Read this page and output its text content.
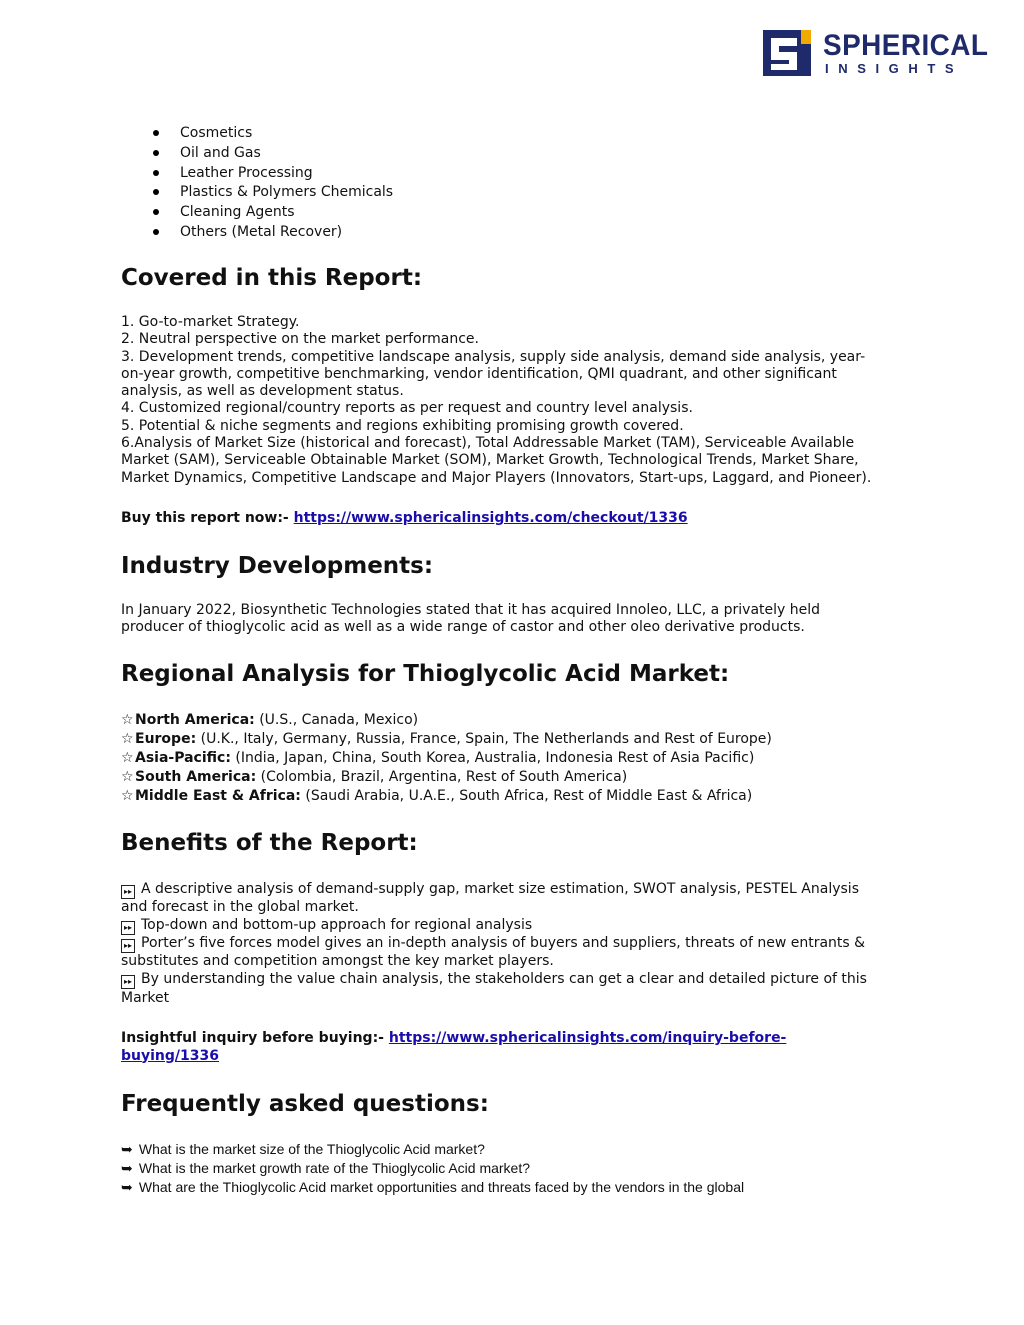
SPHERICAL
INSIGHTS
Cosmetics
Oil and Gas
Leather Processing
Plastics & Polymers Chemicals
Cleaning Agents
Others (Metal Recover)
Covered in this Report:
1. Go-to-market Strategy.
2. Neutral perspective on the market performance.
3. Development trends, competitive landscape analysis, supply side analysis, demand side analysis, year-
on-year growth, competitive benchmarking, vendor identification, QMI quadrant, and other significant
analysis, as well as development status.
4. Customized regional/country reports as per request and country level analysis.
5. Potential & niche segments and regions exhibiting promising growth covered.
6.Analysis of Market Size (historical and forecast), Total Addressable Market (TAM), Serviceable Available
Market (SAM), Serviceable Obtainable Market (SOM), Market Growth, Technological Trends, Market Share,
Market Dynamics, Competitive Landscape and Major Players (Innovators, Start-ups, Laggard, and Pioneer).
Buy this report now:- https://www.sphericalinsights.com/checkout/1336
Industry Developments:
In January 2022, Biosynthetic Technologies stated that it has acquired Innoleo, LLC, a privately held
producer of thioglycolic acid as well as a wide range of castor and other oleo derivative products.
Regional Analysis for Thioglycolic Acid Market:
☆North America: (U.S., Canada, Mexico)
☆Europe: (U.K., Italy, Germany, Russia, France, Spain, The Netherlands and Rest of Europe)
☆Asia-Pacific: (India, Japan, China, South Korea, Australia, Indonesia Rest of Asia Pacific)
☆South America: (Colombia, Brazil, Argentina, Rest of South America)
☆Middle East & Africa: (Saudi Arabia, U.A.E., South Africa, Rest of Middle East & Africa)
Benefits of the Report:
▸▸ A descriptive analysis of demand-supply gap, market size estimation, SWOT analysis, PESTEL Analysis
and forecast in the global market.
▸▸ Top-down and bottom-up approach for regional analysis
▸▸ Porter’s five forces model gives an in-depth analysis of buyers and suppliers, threats of new entrants &
substitutes and competition amongst the key market players.
▸▸ By understanding the value chain analysis, the stakeholders can get a clear and detailed picture of this
Market
Insightful inquiry before buying:- https://www.sphericalinsights.com/inquiry-before-
buying/1336
Frequently asked questions:
➥ What is the market size of the Thioglycolic Acid market?
➥ What is the market growth rate of the Thioglycolic Acid market?
➥ What are the Thioglycolic Acid market opportunities and threats faced by the vendors in the global
